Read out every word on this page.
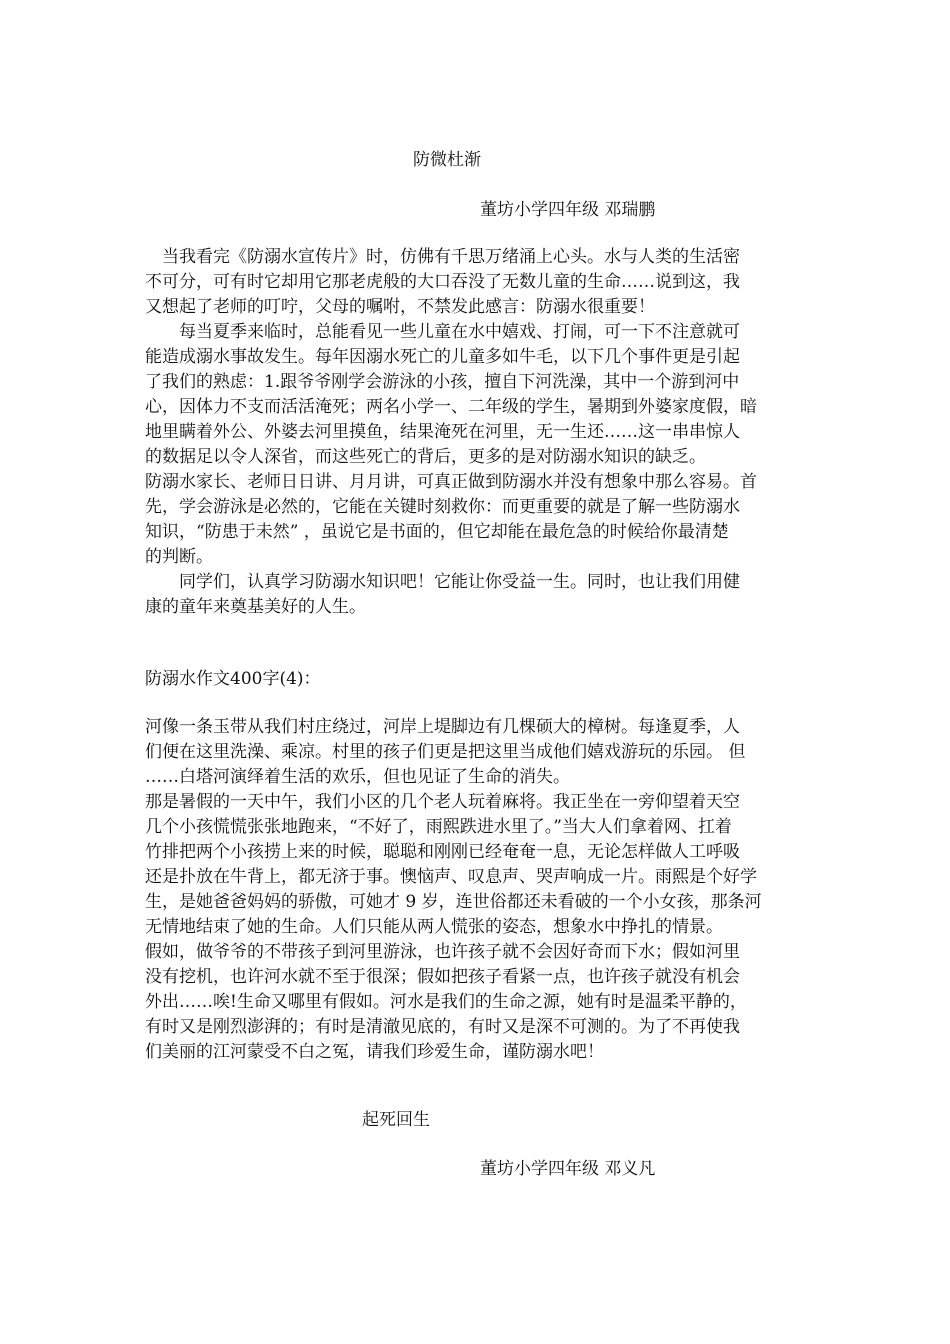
防微杜渐
董坊小学四年级 邓瑞鹏
　当我看完《防溺水宣传片》时，仿佛有千思万绪涌上心头。水与人类的生活密
不可分，可有时它却用它那老虎般的大口吞没了无数儿童的生命……说到这，我
又想起了老师的叮咛，父母的嘱咐，不禁发此感言：防溺水很重要！
　　每当夏季来临时，总能看见一些儿童在水中嬉戏、打闹，可一下不注意就可
能造成溺水事故发生。每年因溺水死亡的儿童多如牛毛，以下几个事件更是引起
了我们的熟虑：1.跟爷爷刚学会游泳的小孩，擅自下河洗澡，其中一个游到河中
心，因体力不支而活活淹死；两名小学一、二年级的学生，暑期到外婆家度假，暗
地里瞒着外公、外婆去河里摸鱼，结果淹死在河里，无一生还……这一串串惊人
的数据足以令人深省，而这些死亡的背后，更多的是对防溺水知识的缺乏。
防溺水家长、老师日日讲、月月讲，可真正做到防溺水并没有想象中那么容易。首
先，学会游泳是必然的，它能在关键时刻救你：而更重要的就是了解一些防溺水
知识，“防患于未然” ，虽说它是书面的，但它却能在最危急的时候给你最清楚
的判断。
　　同学们，认真学习防溺水知识吧！它能让你受益一生。同时，也让我们用健
康的童年来奠基美好的人生。
防溺水作文400字(4)：
河像一条玉带从我们村庄绕过，河岸上堤脚边有几棵硕大的樟树。每逢夏季，人
们便在这里洗澡、乘凉。村里的孩子们更是把这里当成他们嬉戏游玩的乐园。 但
……白塔河演绎着生活的欢乐，但也见证了生命的消失。
那是暑假的一天中午，我们小区的几个老人玩着麻将。我正坐在一旁仰望着天空
几个小孩慌慌张张地跑来，“不好了，雨熙跌进水里了。”当大人们拿着网、扛着
竹排把两个小孩捞上来的时候，聪聪和刚刚已经奄奄一息，无论怎样做人工呼吸
还是扑放在牛背上，都无济于事。懊恼声、叹息声、哭声响成一片。雨熙是个好学
生，是她爸爸妈妈的骄傲，可她才 9 岁，连世俗都还未看破的一个小女孩，那条河
无情地结束了她的生命。人们只能从两人慌张的姿态，想象水中挣扎的情景。
假如，做爷爷的不带孩子到河里游泳，也许孩子就不会因好奇而下水；假如河里
没有挖机，也许河水就不至于很深；假如把孩子看紧一点，也许孩子就没有机会
外出……唉!生命又哪里有假如。河水是我们的生命之源，她有时是温柔平静的，
有时又是刚烈澎湃的；有时是清澈见底的，有时又是深不可测的。为了不再使我
们美丽的江河蒙受不白之冤，请我们珍爱生命，谨防溺水吧！
起死回生
董坊小学四年级 邓义凡
